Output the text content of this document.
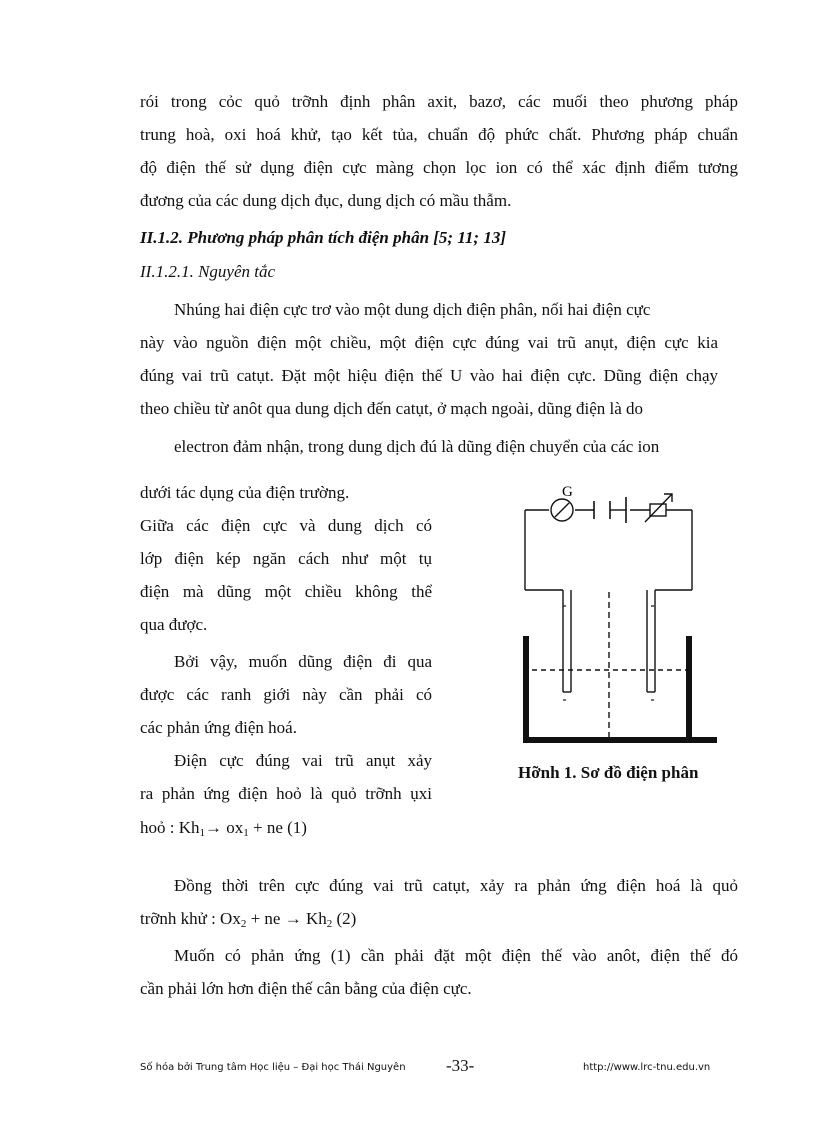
rói trong cỏc quỏ trỡnh định phân axit, bazơ, các muối theo phương pháp
trung hoà, oxi hoá khử, tạo kết tủa, chuẩn độ phức chất. Phương pháp chuẩn
độ điện thế sử dụng điện cực màng chọn lọc ion có thể xác định điểm tương
đương của các dung dịch đục, dung dịch có mầu thẫm.
II.1.2. Phương pháp phân tích điện phân [5; 11; 13]
II.1.2.1. Nguyên tắc
Nhúng hai điện cực trơ vào một dung dịch điện phân, nối hai điện cực
này vào nguồn điện một chiều, một điện cực đúng vai trũ anụt, điện cực kia
đúng vai trũ catụt. Đặt một hiệu điện thế U vào hai điện cực. Dũng điện chạy
theo chiều từ anôt qua dung dịch đến catụt, ở mạch ngoài, dũng điện là do
electron đảm nhận, trong dung dịch đú là dũng điện chuyển của các ion
dưới tác dụng của điện trường.
Giữa các điện cực và dung dịch có
lớp điện kép ngăn cách như một tụ
điện mà dũng một chiều không thể
qua được.
Bởi vậy, muốn dũng điện đi qua
được các ranh giới này cần phải có
các phản ứng điện hoá.
Điện cực đúng vai trũ anụt xảy
ra phản ứng điện hoỏ là quỏ trỡnh ụxi
hoỏ : $Kh_1\to ox_1$ + ne (1)
G
Hỡnh 1. Sơ đồ điện phân
Đồng thời trên cực đúng vai trũ catụt, xảy ra phản ứng điện hoá là quỏ
trỡnh khử : $Ox_2$ + ne → $Kh_2$ (2)
Muốn có phản ứng (1) cần phải đặt một điện thế vào anôt, điện thế đó
cần phải lớn hơn điện thế cân bằng của điện cực.
Số hóa bởi Trung tâm Học liệu – Đại học Thái Nguyên -33-	http://www.lrc-tnu.edu.vn
